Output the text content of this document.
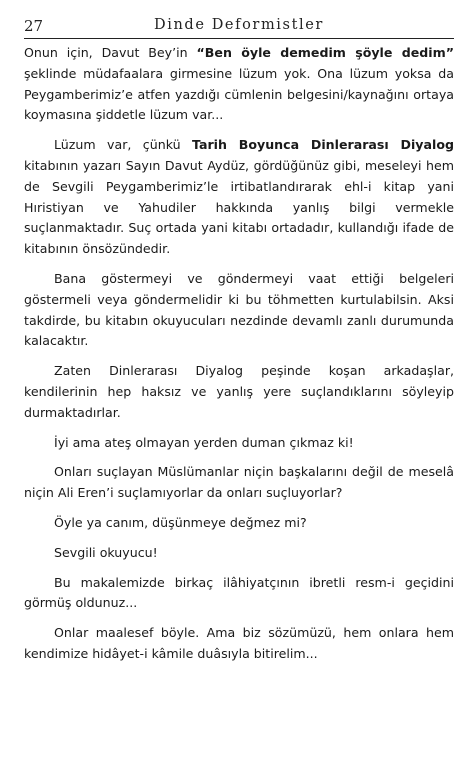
27	Dinde Deformistler

Onun için, Davut Bey’in “Ben öyle demedim şöyle dedim” şeklinde müdafaalara girmesine lüzum yok. Ona lüzum yoksa da Peygamberimiz’e atfen yazdığı cümlenin belgesini/kaynağını ortaya koymasına şiddetle lüzum var...

Lüzum var, çünkü Tarih Boyunca Dinlerarası Diyalog kitabının yazarı Sayın Davut Aydüz, gördüğünüz gibi, meseleyi hem de Sevgili Peygamberimiz’le irtibatlandırarak ehl-i kitap yani Hıristiyan ve Yahudiler hakkında yanlış bilgi vermekle suçlanmaktadır. Suç ortada yani kitabı ortadadır, kullandığı ifade de kitabının önsözündedir.

Bana göstermeyi ve göndermeyi vaat ettiği belgeleri göstermeli veya göndermelidir ki bu töhmetten kurtulabilsin. Aksi takdirde, bu kitabın okuyucuları nezdinde devamlı zanlı durumunda kalacaktır.

Zaten Dinlerarası Diyalog peşinde koşan arkadaşlar, kendilerinin hep haksız ve yanlış yere suçlandıklarını söyleyip durmaktadırlar.

İyi ama ateş olmayan yerden duman çıkmaz ki!

Onları suçlayan Müslümanlar niçin başkalarını değil de meselâ niçin Ali Eren’i suçlamıyorlar da onları suçluyorlar?

Öyle ya canım, düşünmeye değmez mi?

Sevgili okuyucu!

Bu makalemizde birkaç ilâhiyatçının ibretli resm-i geçidini görmüş oldunuz...

Onlar maalesef böyle. Ama biz sözümüzü, hem onlara hem kendimize hidâyet-i kâmile duâsıyla bitirelim...
